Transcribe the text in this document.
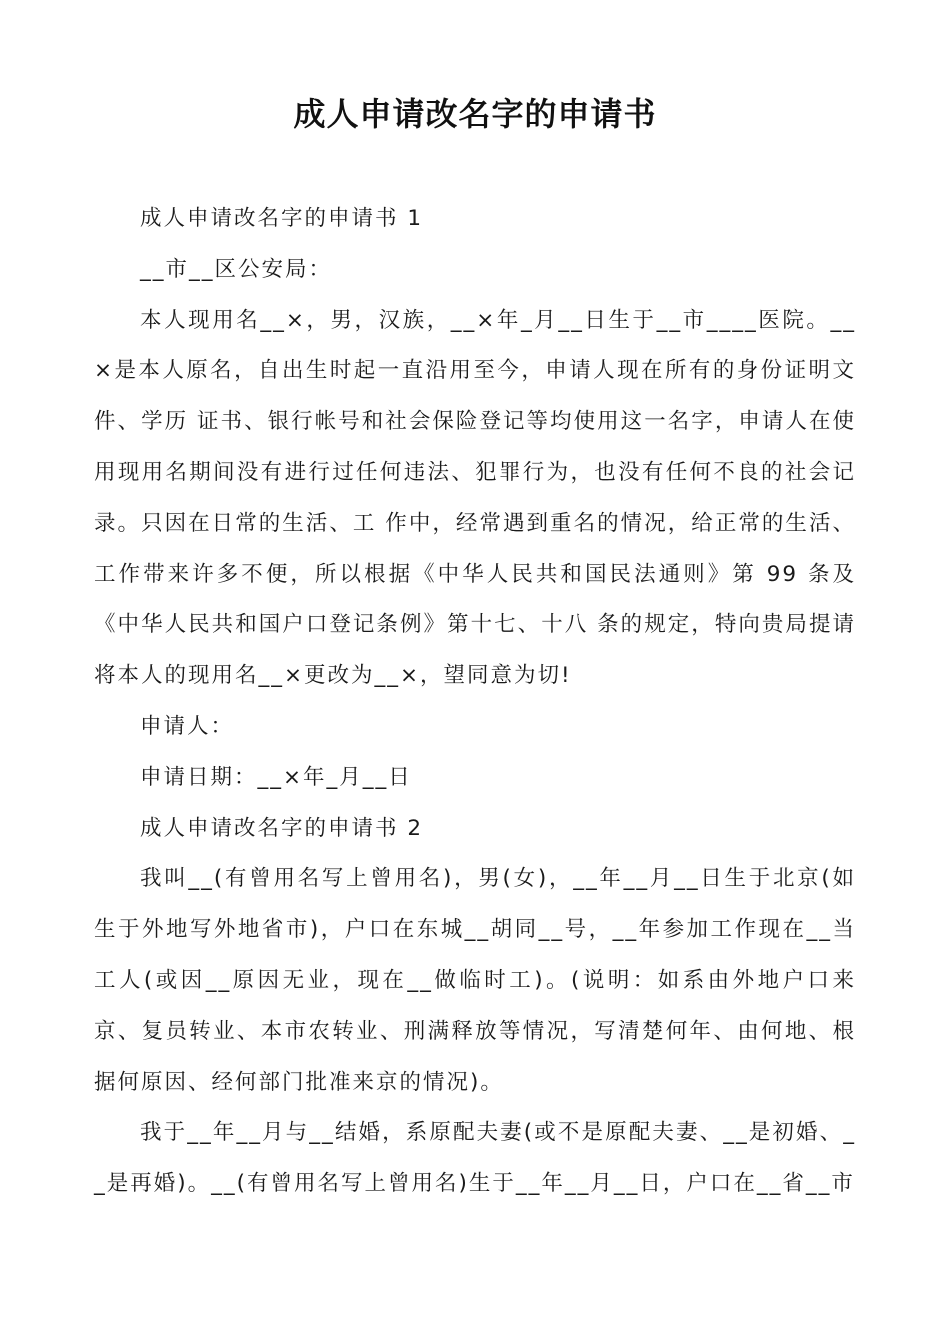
成人申请改名字的申请书

成人申请改名字的申请书 1

__市__区公安局：

本人现用名__×，男，汉族，__×年_月__日生于__市____医院。__×是本人原名，自出生时起一直沿用至今，申请人现在所有的身份证明文件、学历 证书、银行帐号和社会保险登记等均使用这一名字，申请人在使用现用名期间没有进行过任何违法、犯罪行为，也没有任何不良的社会记录。只因在日常的生活、工 作中，经常遇到重名的情况，给正常的生活、工作带来许多不便，所以根据《中华人民共和国民法通则》第 99 条及《中华人民共和国户口登记条例》第十七、十八 条的规定，特向贵局提请将本人的现用名__×更改为__×，望同意为切!

申请人：

申请日期：__×年_月__日

成人申请改名字的申请书 2

我叫__(有曾用名写上曾用名)，男(女)，__年__月__日生于北京(如生于外地写外地省市)，户口在东城__胡同__号，__年参加工作现在__当工人(或因__原因无业，现在__做临时工)。(说明：如系由外地户口来京、复员转业、本市农转业、刑满释放等情况，写清楚何年、由何地、根据何原因、经何部门批准来京的情况)。

我于__年__月与__结婚，系原配夫妻(或不是原配夫妻、__是初婚、__是再婚)。__(有曾用名写上曾用名)生于__年__月__日，户口在__省__市
